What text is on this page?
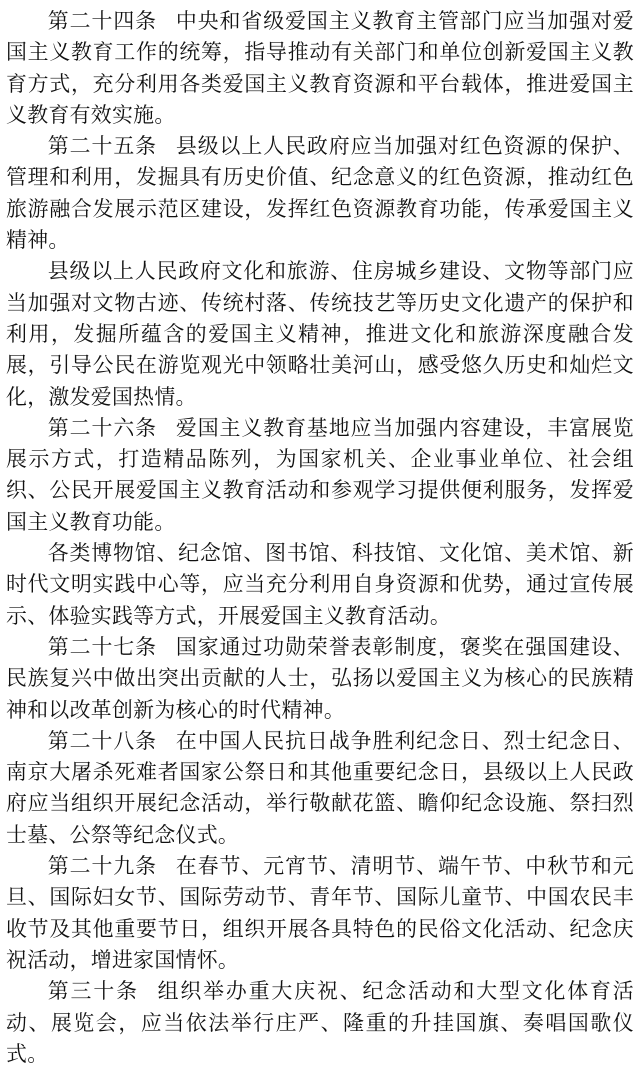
第二十四条 中央和省级爱国主义教育主管部门应当加强对爱国主义教育工作的统筹，指导推动有关部门和单位创新爱国主义教育方式，充分利用各类爱国主义教育资源和平台载体，推进爱国主义教育有效实施。

第二十五条 县级以上人民政府应当加强对红色资源的保护、管理和利用，发掘具有历史价值、纪念意义的红色资源，推动红色旅游融合发展示范区建设，发挥红色资源教育功能，传承爱国主义精神。

县级以上人民政府文化和旅游、住房城乡建设、文物等部门应当加强对文物古迹、传统村落、传统技艺等历史文化遗产的保护和利用，发掘所蕴含的爱国主义精神，推进文化和旅游深度融合发展，引导公民在游览观光中领略壮美河山，感受悠久历史和灿烂文化，激发爱国热情。

第二十六条 爱国主义教育基地应当加强内容建设，丰富展览展示方式，打造精品陈列，为国家机关、企业事业单位、社会组织、公民开展爱国主义教育活动和参观学习提供便利服务，发挥爱国主义教育功能。

各类博物馆、纪念馆、图书馆、科技馆、文化馆、美术馆、新时代文明实践中心等，应当充分利用自身资源和优势，通过宣传展示、体验实践等方式，开展爱国主义教育活动。

第二十七条 国家通过功勋荣誉表彰制度，褒奖在强国建设、民族复兴中做出突出贡献的人士，弘扬以爱国主义为核心的民族精神和以改革创新为核心的时代精神。

第二十八条 在中国人民抗日战争胜利纪念日、烈士纪念日、南京大屠杀死难者国家公祭日和其他重要纪念日，县级以上人民政府应当组织开展纪念活动，举行敬献花篮、瞻仰纪念设施、祭扫烈士墓、公祭等纪念仪式。

第二十九条 在春节、元宵节、清明节、端午节、中秋节和元旦、国际妇女节、国际劳动节、青年节、国际儿童节、中国农民丰收节及其他重要节日，组织开展各具特色的民俗文化活动、纪念庆祝活动，增进家国情怀。

第三十条 组织举办重大庆祝、纪念活动和大型文化体育活动、展览会，应当依法举行庄严、隆重的升挂国旗、奏唱国歌仪式。
